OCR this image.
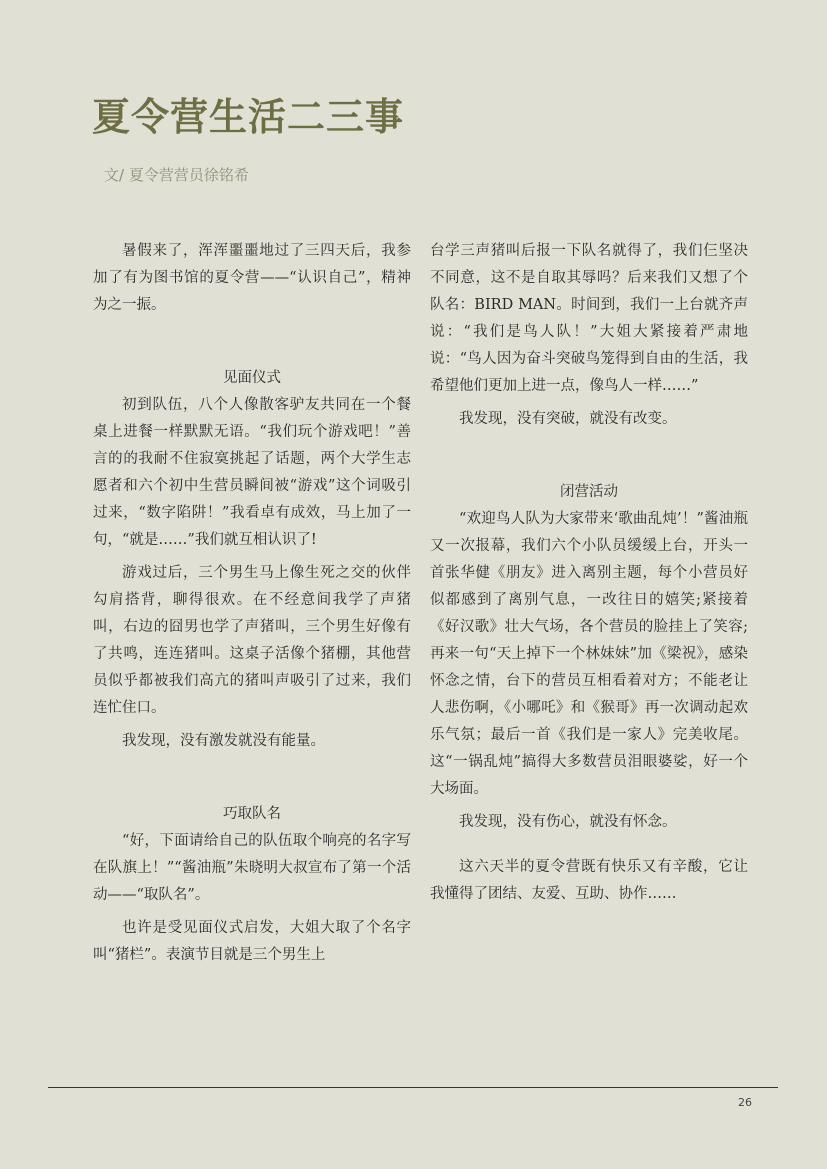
夏令营生活二三事
文/ 夏令营营员徐铭希

暑假来了，浑浑噩噩地过了三四天后，我参加了有为图书馆的夏令营——“认识自己”，精神为之一振。

见面仪式

初到队伍，八个人像散客驴友共同在一个餐桌上进餐一样默默无语。“我们玩个游戏吧！”善言的的我耐不住寂寞挑起了话题，两个大学生志愿者和六个初中生营员瞬间被“游戏”这个词吸引过来，“数字陷阱！”我看卓有成效，马上加了一句，“就是……”我们就互相认识了!

游戏过后，三个男生马上像生死之交的伙伴勾肩搭背，聊得很欢。在不经意间我学了声猪叫，右边的囧男也学了声猪叫，三个男生好像有了共鸣，连连猪叫。这桌子活像个猪棚，其他营员似乎都被我们高亢的猪叫声吸引了过来，我们连忙住口。

我发现，没有激发就没有能量。

巧取队名

“好，下面请给自己的队伍取个响亮的名字写在队旗上！”“酱油瓶”朱晓明大叔宣布了第一个活动——“取队名”。

也许是受见面仪式启发，大姐大取了个名字叫“猪栏”。表演节目就是三个男生上

台学三声猪叫后报一下队名就得了，我们仨坚决不同意，这不是自取其辱吗？后来我们又想了个队名：BIRD MAN。时间到，我们一上台就齐声说：“我们是鸟人队！”大姐大紧接着严肃地说：“鸟人因为奋斗突破鸟笼得到自由的生活，我希望他们更加上进一点，像鸟人一样……”

我发现，没有突破，就没有改变。

闭营活动

“欢迎鸟人队为大家带来‘歌曲乱炖’！”酱油瓶又一次报幕，我们六个小队员缓缓上台，开头一首张华健《朋友》进入离别主题，每个小营员好似都感到了离别气息，一改往日的嬉笑;紧接着《好汉歌》壮大气场，各个营员的脸挂上了笑容;再来一句“天上掉下一个林妹妹”加《梁祝》，感染怀念之情，台下的营员互相看着对方；不能老让人悲伤啊，《小哪吒》和《猴哥》再一次调动起欢乐气氛；最后一首《我们是一家人》完美收尾。这“一锅乱炖”搞得大多数营员泪眼婆娑，好一个大场面。

我发现，没有伤心，就没有怀念。

这六天半的夏令营既有快乐又有辛酸，它让我懂得了团结、友爱、互助、协作……

26
